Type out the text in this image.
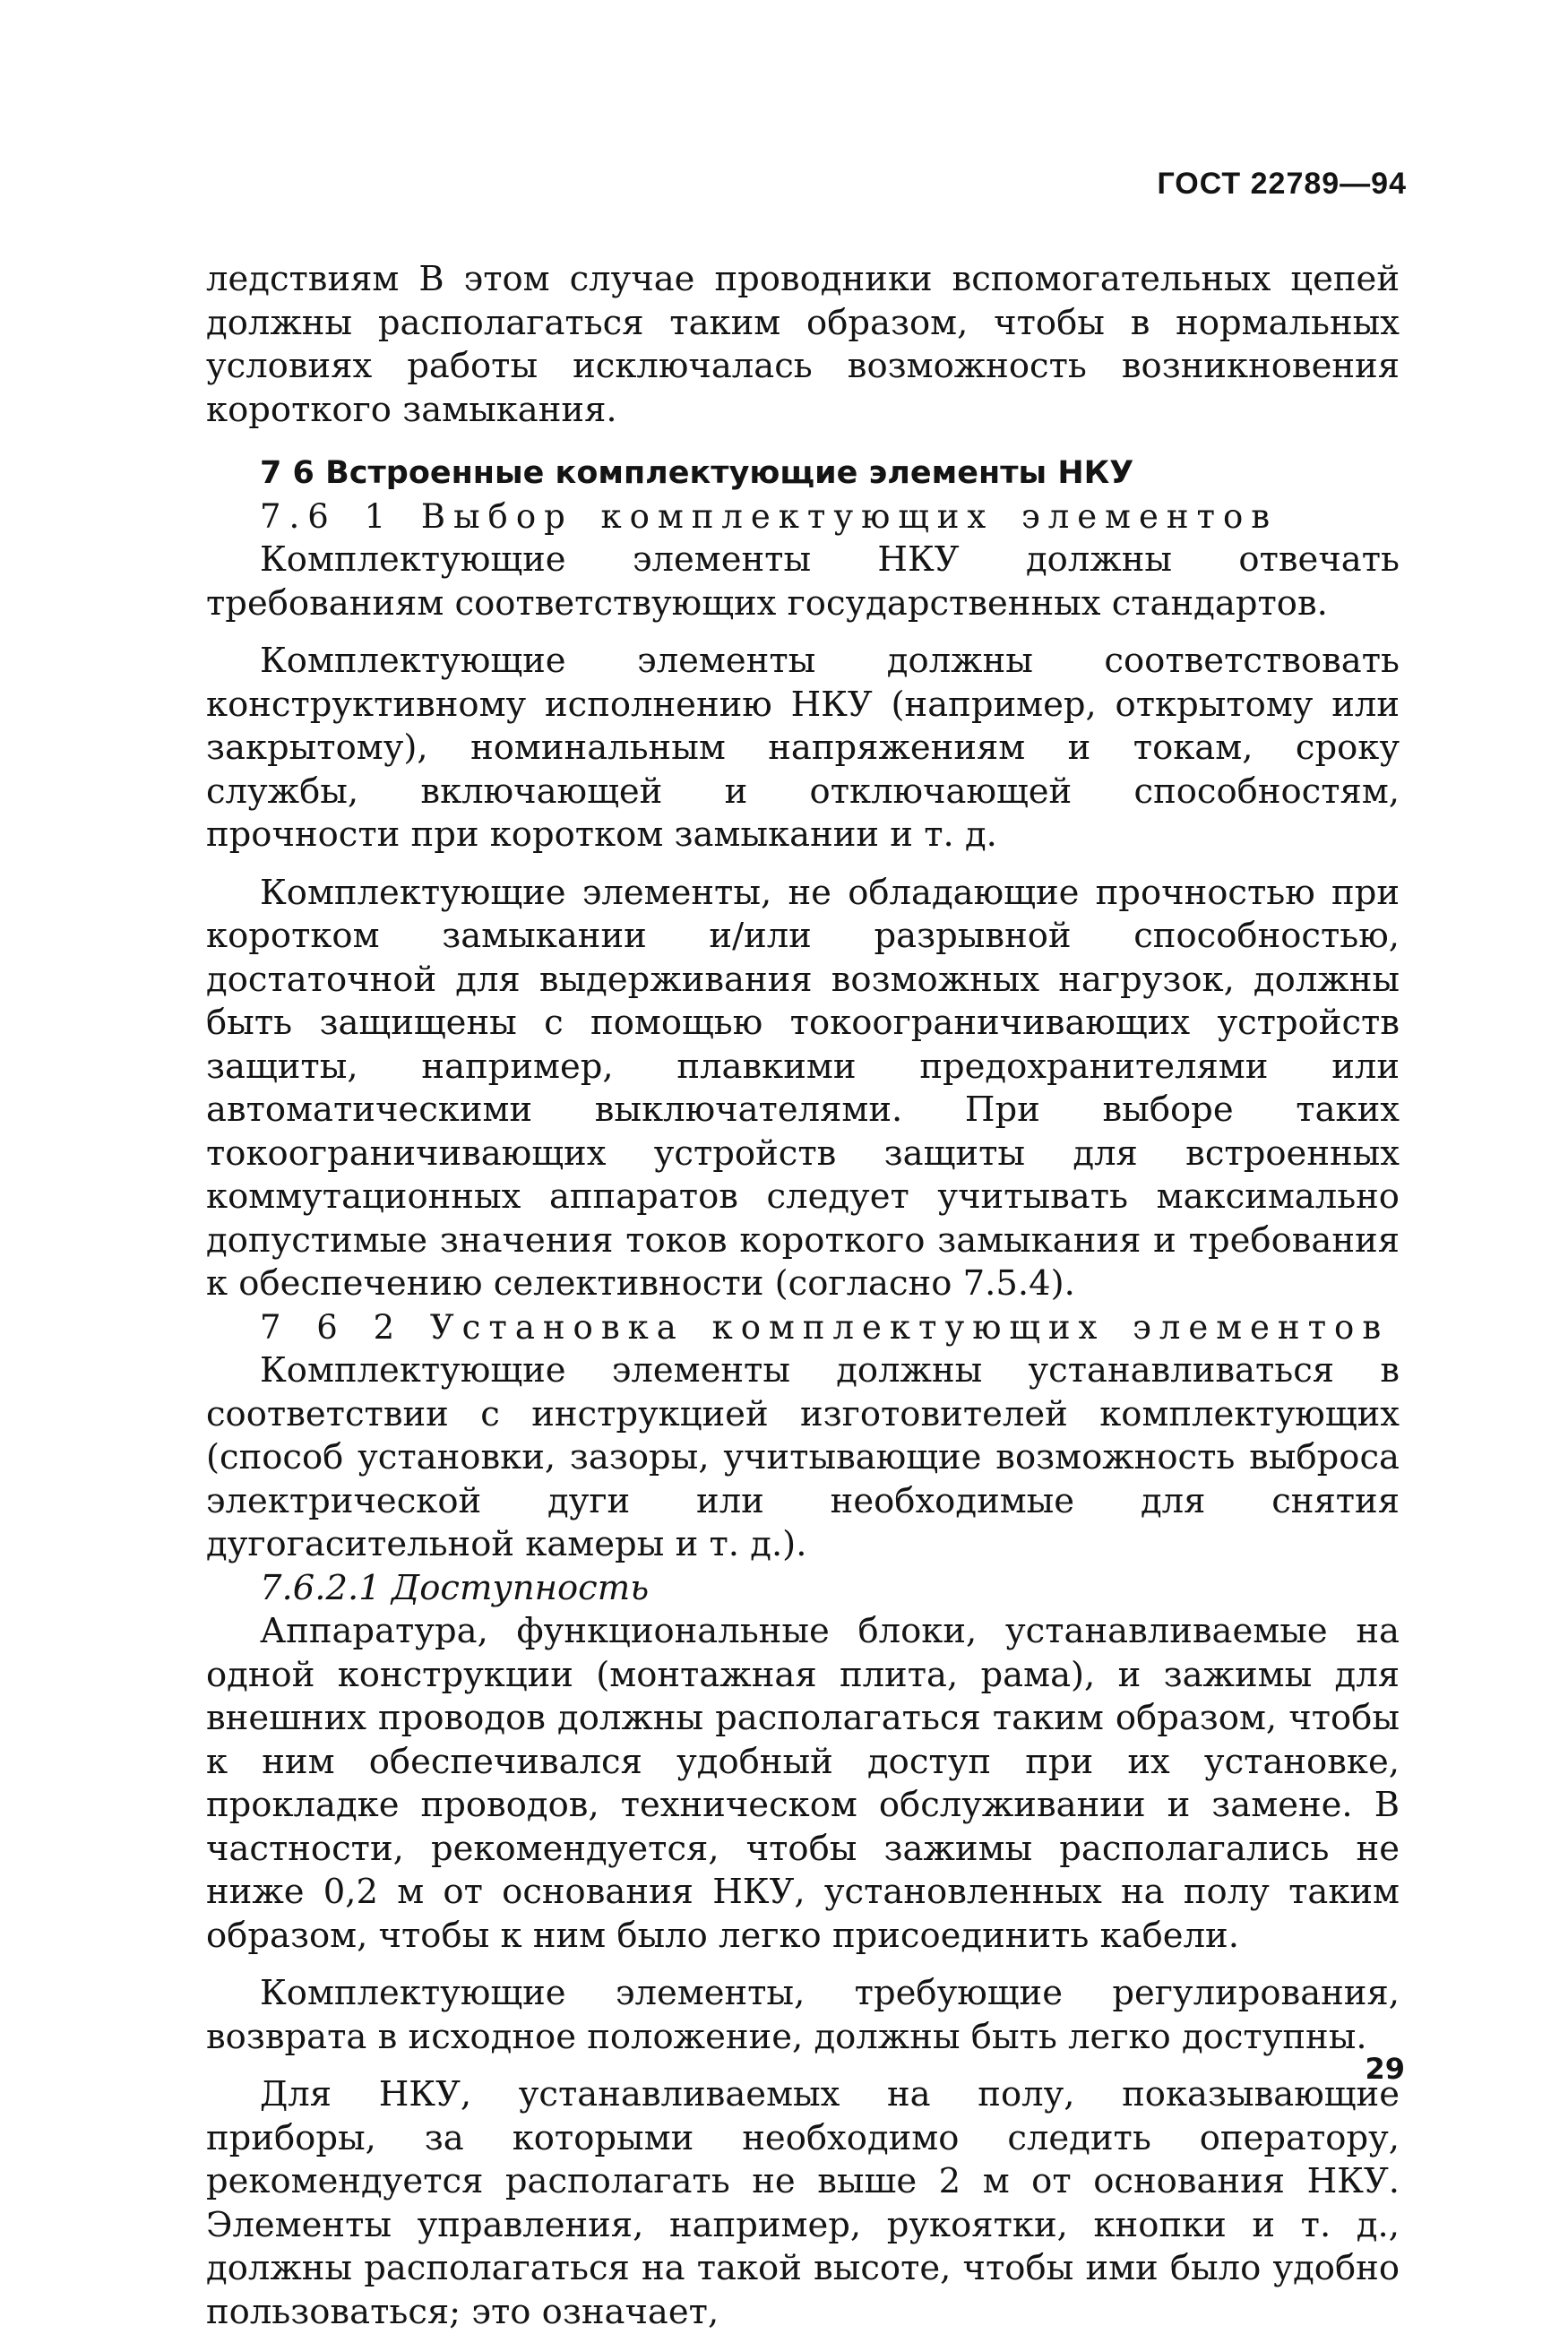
ГОСТ 22789—94

ледствиям В этом случае проводники вспомогательных цепей должны располагаться таким образом, чтобы в нормальных условиях работы исключалась возможность возникновения короткого замыкания.

7 6 Встроенные комплектующие элементы НКУ
7.6 1 Выбор комплектующих элементов

Комплектующие элементы НКУ должны отвечать требованиям соответствующих государственных стандартов.

Комплектующие элементы должны соответствовать конструктивному исполнению НКУ (например, открытому или закрытому), номинальным напряжениям и токам, сроку службы, включающей и отключающей способностям, прочности при коротком замыкании и т. д.

Комплектующие элементы, не обладающие прочностью при коротком замыкании и/или разрывной способностью, достаточной для выдерживания возможных нагрузок, должны быть защищены с помощью токоограничивающих устройств защиты, например, плавкими предохранителями или автоматическими выключателями. При выборе таких токоограничивающих устройств защиты для встроенных коммутационных аппаратов следует учитывать максимально допустимые значения токов короткого замыкания и требования к обеспечению селективности (согласно 7.5.4).

7 6 2 Установка комплектующих элементов

Комплектующие элементы должны устанавливаться в соответствии с инструкцией изготовителей комплектующих (способ установки, зазоры, учитывающие возможность выброса электрической дуги или необходимые для снятия дугогасительной камеры и т. д.).

7.6.2.1 Доступность

Аппаратура, функциональные блоки, устанавливаемые на одной конструкции (монтажная плита, рама), и зажимы для внешних проводов должны располагаться таким образом, чтобы к ним обеспечивался удобный доступ при их установке, прокладке проводов, техническом обслуживании и замене. В частности, рекомендуется, чтобы зажимы располагались не ниже 0,2 м от основания НКУ, установленных на полу таким образом, чтобы к ним было легко присоединить кабели.

Комплектующие элементы, требующие регулирования, возврата в исходное положение, должны быть легко доступны.

Для НКУ, устанавливаемых на полу, показывающие приборы, за которыми необходимо следить оператору, рекомендуется располагать не выше 2 м от основания НКУ. Элементы управления, например, рукоятки, кнопки и т. д., должны располагаться на такой высоте, чтобы ими было удобно пользоваться; это означает,

29
